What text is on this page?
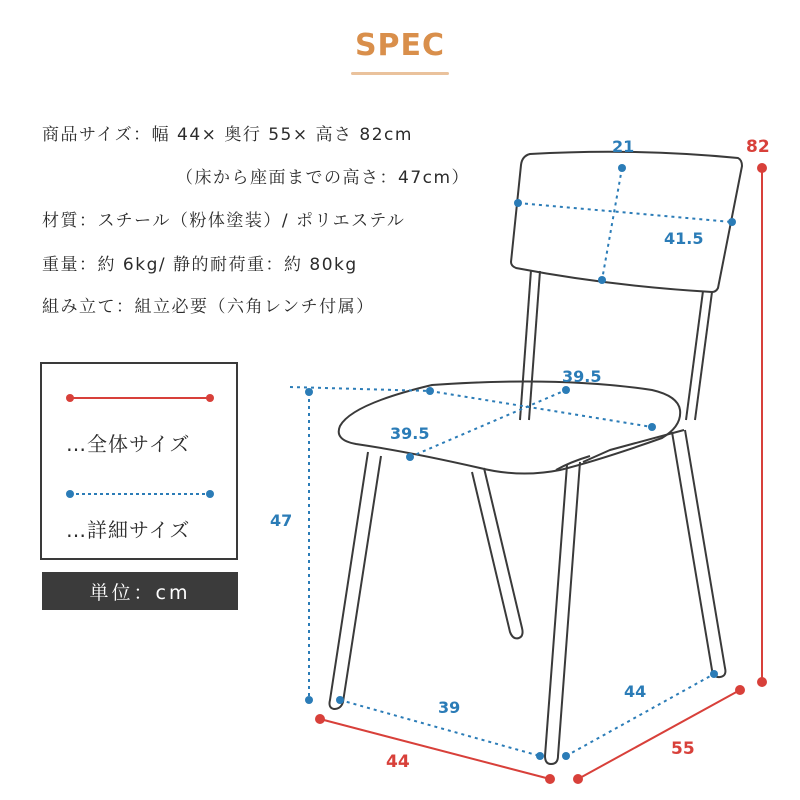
SPEC
商品サイズ：幅 44× 奥行 55× 高さ 82cm
（床から座面までの高さ：47cm）
材質：スチール（粉体塗装）/ ポリエステル
重量：約 6kg/ 静的耐荷重：約 80kg
組み立て：組立必要（六角レンチ付属）
…全体サイズ
…詳細サイズ
単位：cm
82
44
55
21
41.5
39.5
39.5
47
39
44
